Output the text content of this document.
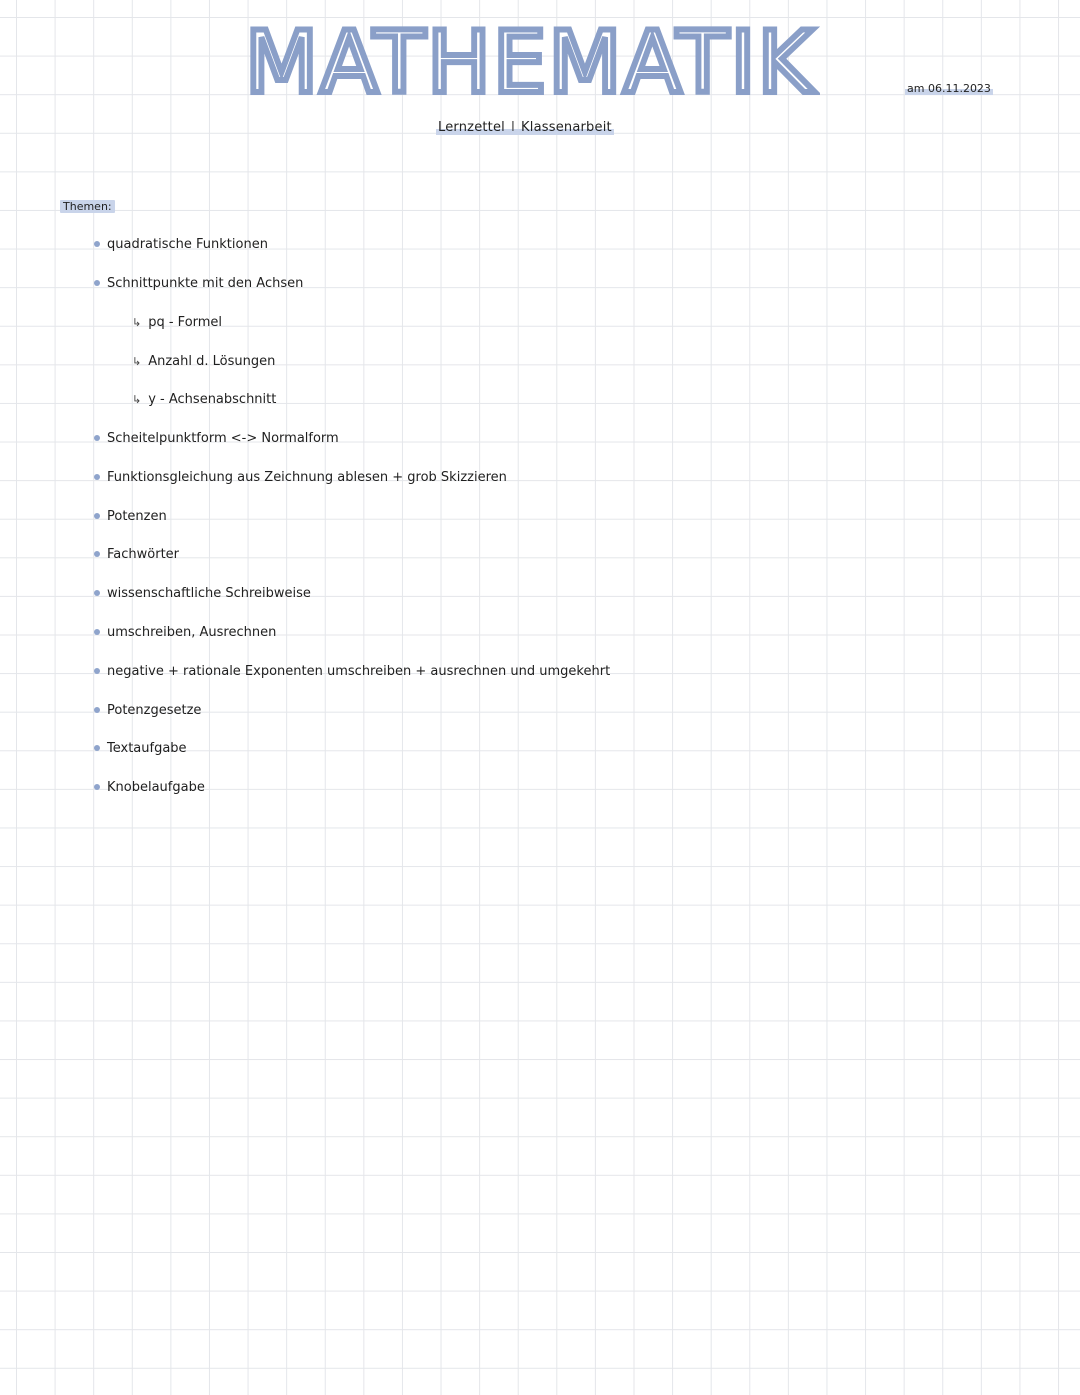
MATHEMATIK
Lernzettel I Klassenarbeit
am 06.11.2023
Themen:
quadratische Funktionen
Schnittpunkte mit den Achsen
↳ pq - Formel
↳ Anzahl d. Lösungen
↳ y - Achsenabschnitt
Scheitelpunktform <-> Normalform
Funktionsgleichung aus Zeichnung ablesen + grob Skizzieren
Potenzen
Fachwörter
wissenschaftliche Schreibweise
umschreiben, Ausrechnen
negative + rationale Exponenten umschreiben + ausrechnen und umgekehrt
Potenzgesetze
Textaufgabe
Knobelaufgabe
